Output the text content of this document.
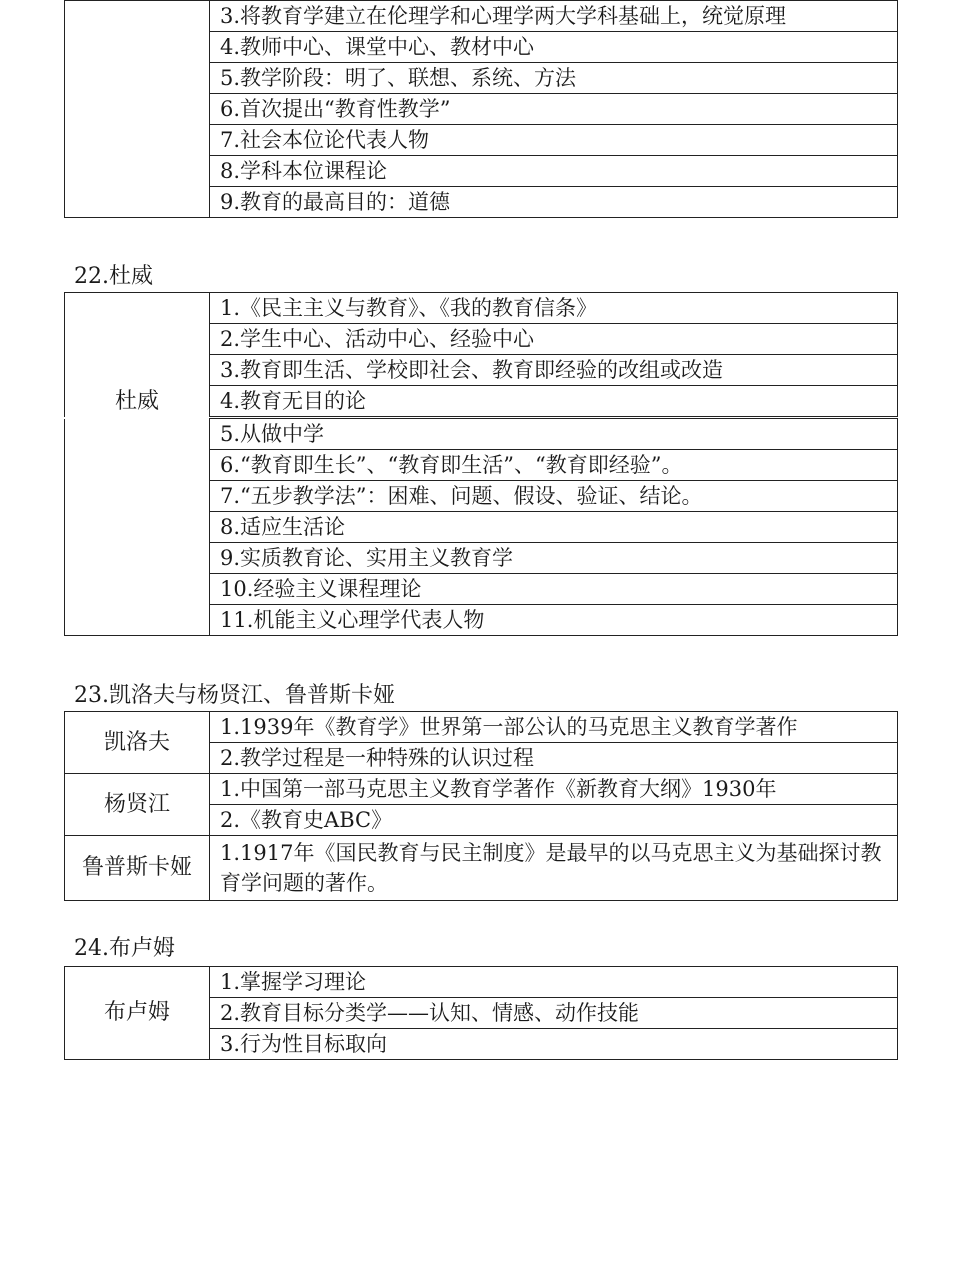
	3.将教育学建立在伦理学和心理学两大学科基础上，统觉原理
4.教师中心、课堂中心、教材中心
5.教学阶段：明了、联想、系统、方法
6.首次提出“教育性教学”
7.社会本位论代表人物
8.学科本位课程论
9.教育的最高目的：道德
22.杜威
杜威	1.《民主主义与教育》、《我的教育信条》
2.学生中心、活动中心、经验中心
3.教育即生活、学校即社会、教育即经验的改组或改造
4.教育无目的论
	5.从做中学
6.“教育即生长”、“教育即生活”、“教育即经验”。
7.“五步教学法”：困难、问题、假设、验证、结论。
8.适应生活论
9.实质教育论、实用主义教育学
10.经验主义课程理论
11.机能主义心理学代表人物
23.凯洛夫与杨贤江、鲁普斯卡娅
凯洛夫	1.1939年《教育学》世界第一部公认的马克思主义教育学著作
	2.教学过程是一种特殊的认识过程
杨贤江	1.中国第一部马克思主义教育学著作《新教育大纲》1930年
	2.《教育史ABC》
鲁普斯卡娅	1.1917年《国民教育与民主制度》是最早的以马克思主义为基础探讨教育学问题的著作。
24.布卢姆
布卢姆	1.掌握学习理论
2.教育目标分类学——认知、情感、动作技能
3.行为性目标取向
